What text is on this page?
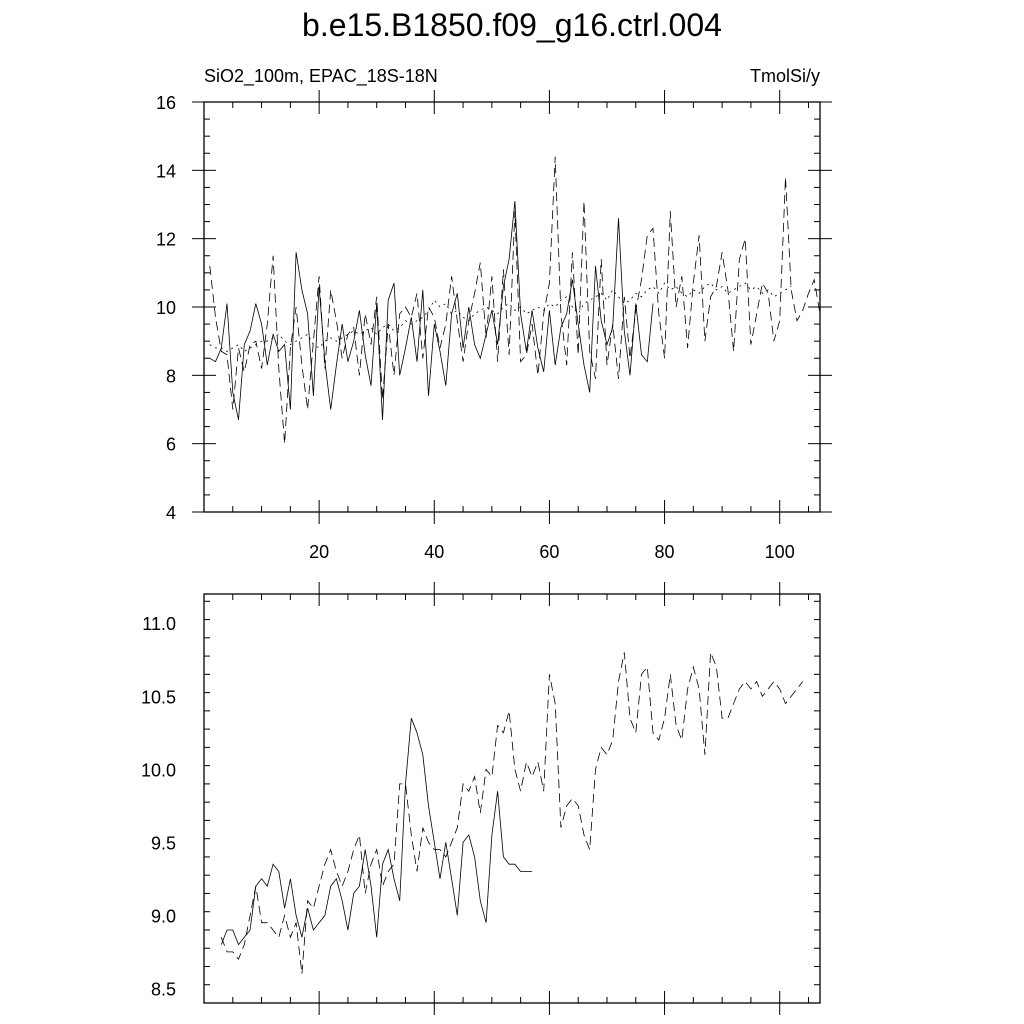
b.e15.B1850.f09_g16.ctrl.004
SiO2_100m, EPAC_18S-18N	TmolSi/y
20	40	60	80	100
4
6
8
10
12
14
16
8.5
9.0
9.5
10.0
10.5
11.0
